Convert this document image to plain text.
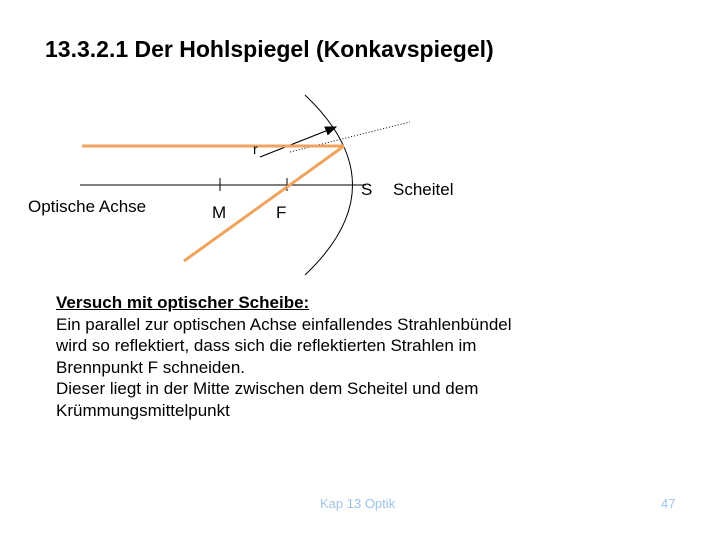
13.3.2.1 Der Hohlspiegel (Konkavspiegel)
r
Optische Achse	M	F
S Scheitel
Versuch mit optischer Scheibe:
Ein parallel zur optischen Achse einfallendes Strahlenbündel
wird so reflektiert, dass sich die reflektierten Strahlen im
Brennpunkt F schneiden.
Dieser liegt in der Mitte zwischen dem Scheitel und dem
Krümmungsmittelpunkt
Kap 13 Optik	47
